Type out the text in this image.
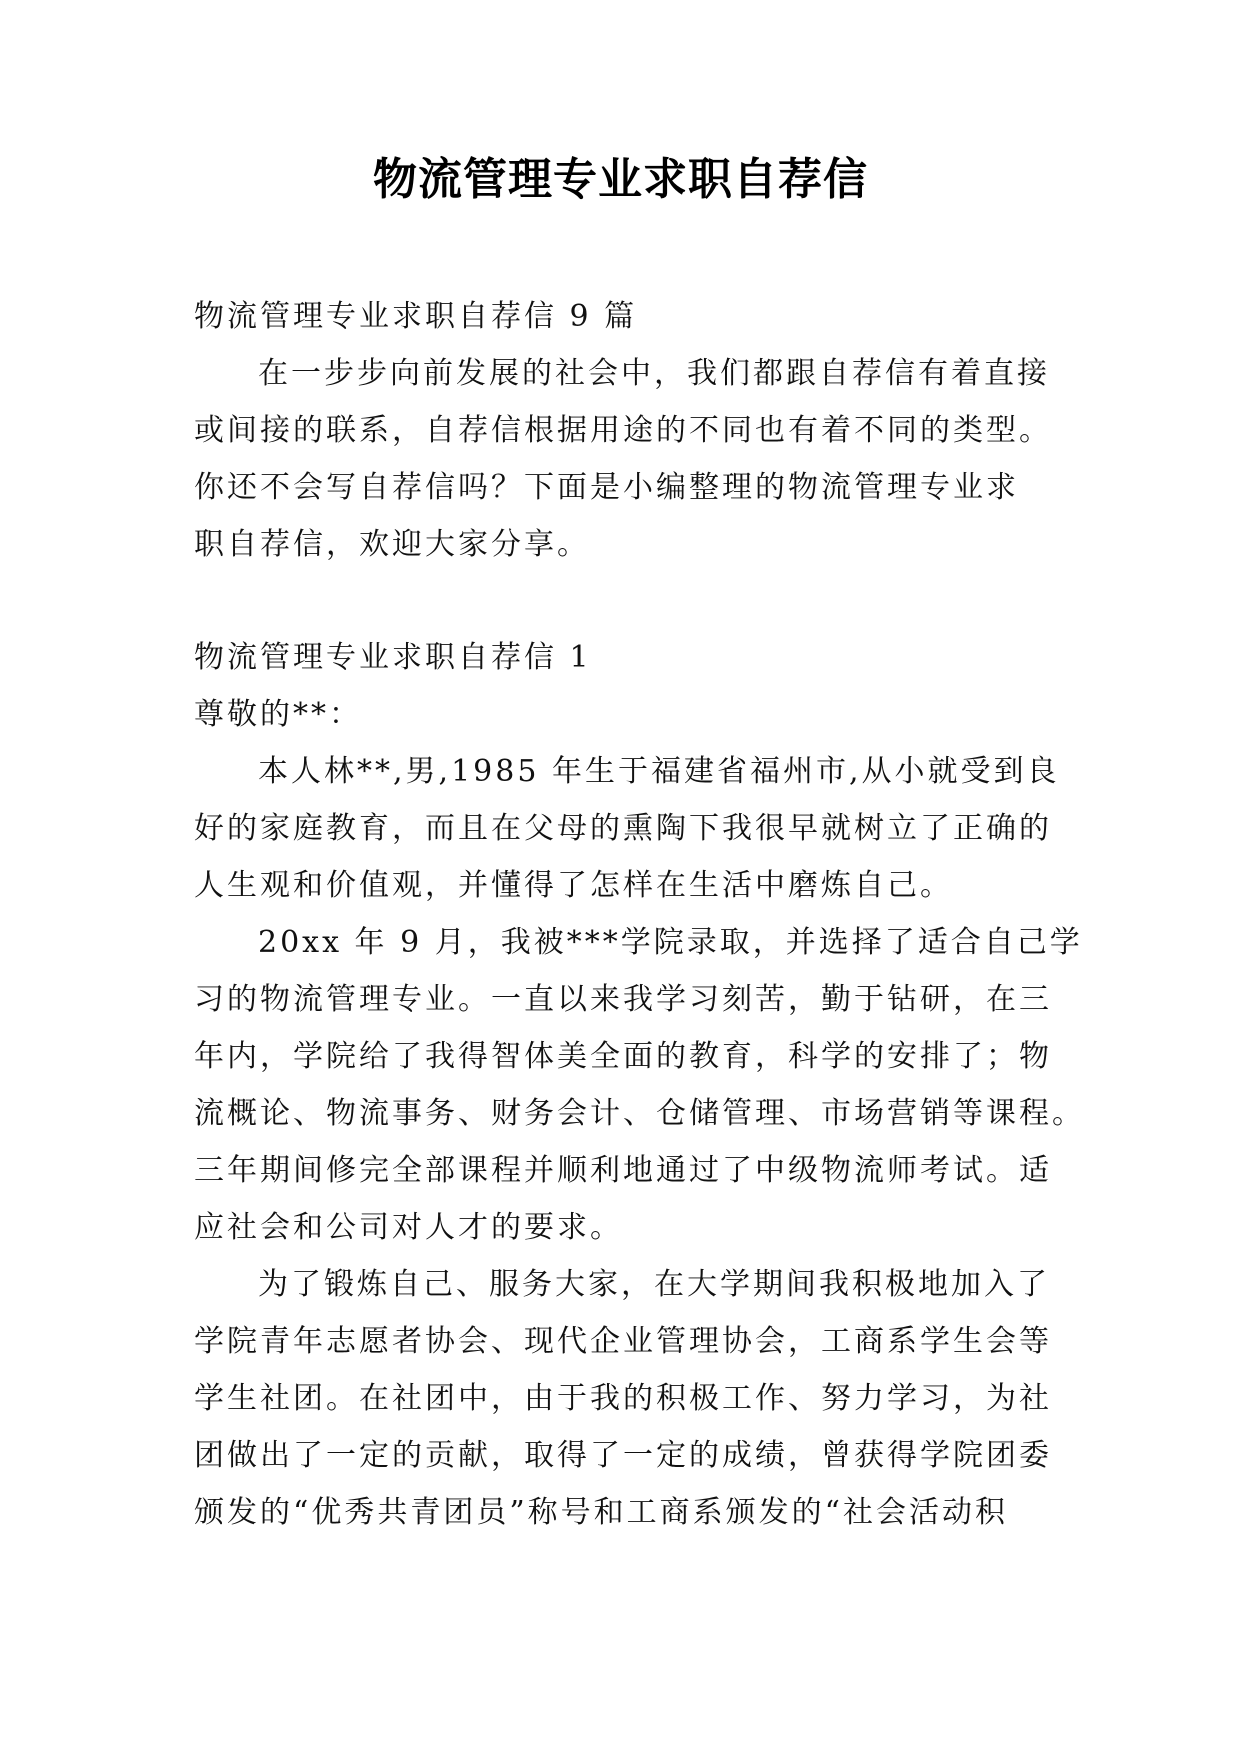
物流管理专业求职自荐信
物流管理专业求职自荐信 9 篇
在一步步向前发展的社会中，我们都跟自荐信有着直接
或间接的联系，自荐信根据用途的不同也有着不同的类型。
你还不会写自荐信吗？下面是小编整理的物流管理专业求
职自荐信，欢迎大家分享。
物流管理专业求职自荐信 1
尊敬的**：
本人林**,男,1985 年生于福建省福州市,从小就受到良
好的家庭教育，而且在父母的熏陶下我很早就树立了正确的
人生观和价值观，并懂得了怎样在生活中磨炼自己。
20xx 年 9 月，我被***学院录取，并选择了适合自己学
习的物流管理专业。一直以来我学习刻苦，勤于钻研，在三
年内，学院给了我得智体美全面的教育，科学的安排了；物
流概论、物流事务、财务会计、仓储管理、市场营销等课程。
三年期间修完全部课程并顺利地通过了中级物流师考试。适
应社会和公司对人才的要求。
为了锻炼自己、服务大家，在大学期间我积极地加入了
学院青年志愿者协会、现代企业管理协会，工商系学生会等
学生社团。在社团中，由于我的积极工作、努力学习，为社
团做出了一定的贡献，取得了一定的成绩，曾获得学院团委
颁发的“优秀共青团员”称号和工商系颁发的“社会活动积
